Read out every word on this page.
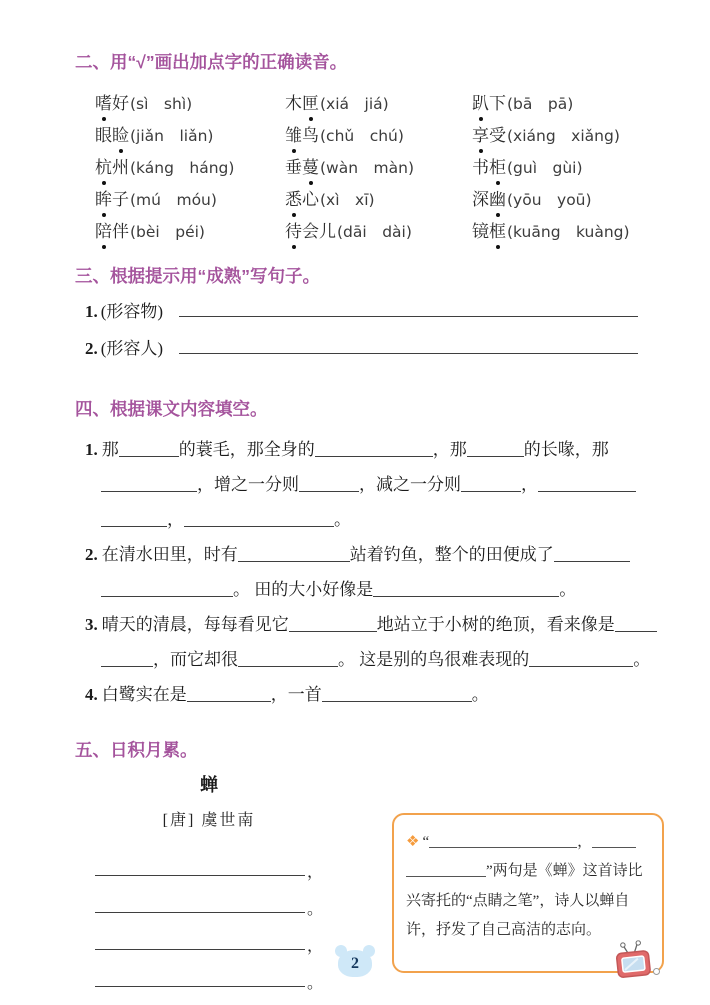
二、用“√”画出加点字的正确读音。
嗜好(sì　shì)	木匣(xiá　jiá)	趴下(bā　pā)
眼睑(jiǎn　liǎn)	雏鸟(chǔ　chú)	享受(xiáng　xiǎng)
杭州(káng　háng)	垂蔓(wàn　màn)	书柜(guì　gùi)
眸子(mú　móu)	悉心(xì　xī)	深幽(yōu　yoū)
陪伴(bèi　péi)	待会儿(dāi　dài)	镜框(kuāng　kuàng)
三、根据提示用“成熟”写句子。
1. (形容物)
2. (形容人)
四、根据课文内容填空。
1. 那	的蓑毛，那全身的	，那	的长喙，那
，增之一分则	，减之一分则	，
，	。
2. 在清水田里，时有	站着钓鱼，整个的田便成了
。 田的大小好像是	。
3. 晴天的清晨，每每看见它	地站立于小树的绝顶，看来像是
，而它却很	。 这是别的鸟很难表现的	。
4. 白鹭实在是	，一首	。
五、日积月累。
蝉
[唐] 虞世南
，
。
，
。
❖ “	，”两句是《蝉》这首诗比兴寄托的“点睛之笔”，诗人以蝉自许，抒发了自己高洁的志向。
2
